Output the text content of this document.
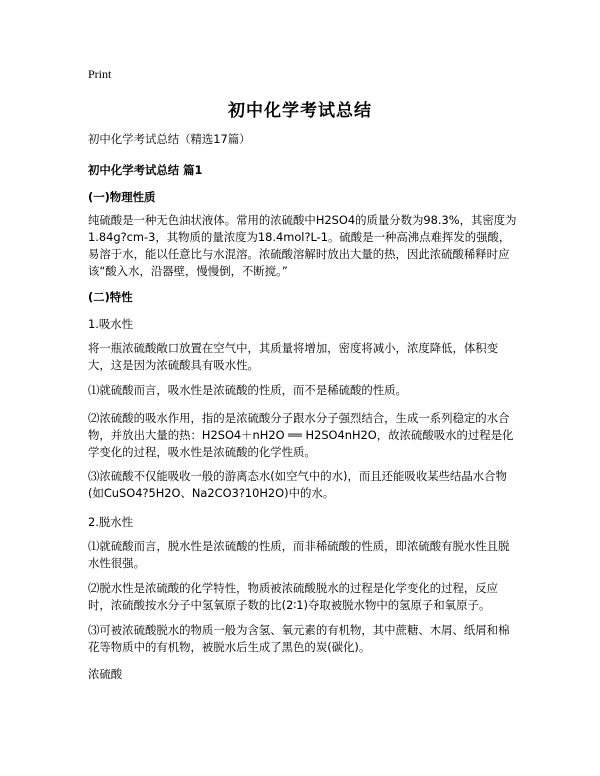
Print
初中化学考试总结

初中化学考试总结（精选17篇）

初中化学考试总结 篇1

(一)物理性质

纯硫酸是一种无色油状液体。常用的浓硫酸中H2SO4的质量分数为98.3%，其密度为1.84g?cm-3，其物质的量浓度为18.4mol?L-1。硫酸是一种高沸点难挥发的强酸，易溶于水，能以任意比与水混溶。浓硫酸溶解时放出大量的热，因此浓硫酸稀释时应该“酸入水，沿器壁，慢慢倒，不断搅。”

(二)特性

1.吸水性

将一瓶浓硫酸敞口放置在空气中，其质量将增加，密度将减小，浓度降低，体积变大，这是因为浓硫酸具有吸水性。

⑴就硫酸而言，吸水性是浓硫酸的性质，而不是稀硫酸的性质。

⑵浓硫酸的吸水作用，指的是浓硫酸分子跟水分子强烈结合，生成一系列稳定的水合物，并放出大量的热：H2SO4＋nH2O ══ H2SO4nH2O，故浓硫酸吸水的过程是化学变化的过程，吸水性是浓硫酸的化学性质。

⑶浓硫酸不仅能吸收一般的游离态水(如空气中的水)，而且还能吸收某些结晶水合物(如CuSO4?5H2O、Na2CO3?10H2O)中的水。

2.脱水性

⑴就硫酸而言，脱水性是浓硫酸的性质，而非稀硫酸的性质，即浓硫酸有脱水性且脱水性很强。

⑵脱水性是浓硫酸的化学特性，物质被浓硫酸脱水的过程是化学变化的过程，反应时，浓硫酸按水分子中氢氧原子数的比(2∶1)夺取被脱水物中的氢原子和氧原子。

⑶可被浓硫酸脱水的物质一般为含氢、氧元素的有机物，其中蔗糖、木屑、纸屑和棉花等物质中的有机物，被脱水后生成了黑色的炭(碳化)。

浓硫酸
